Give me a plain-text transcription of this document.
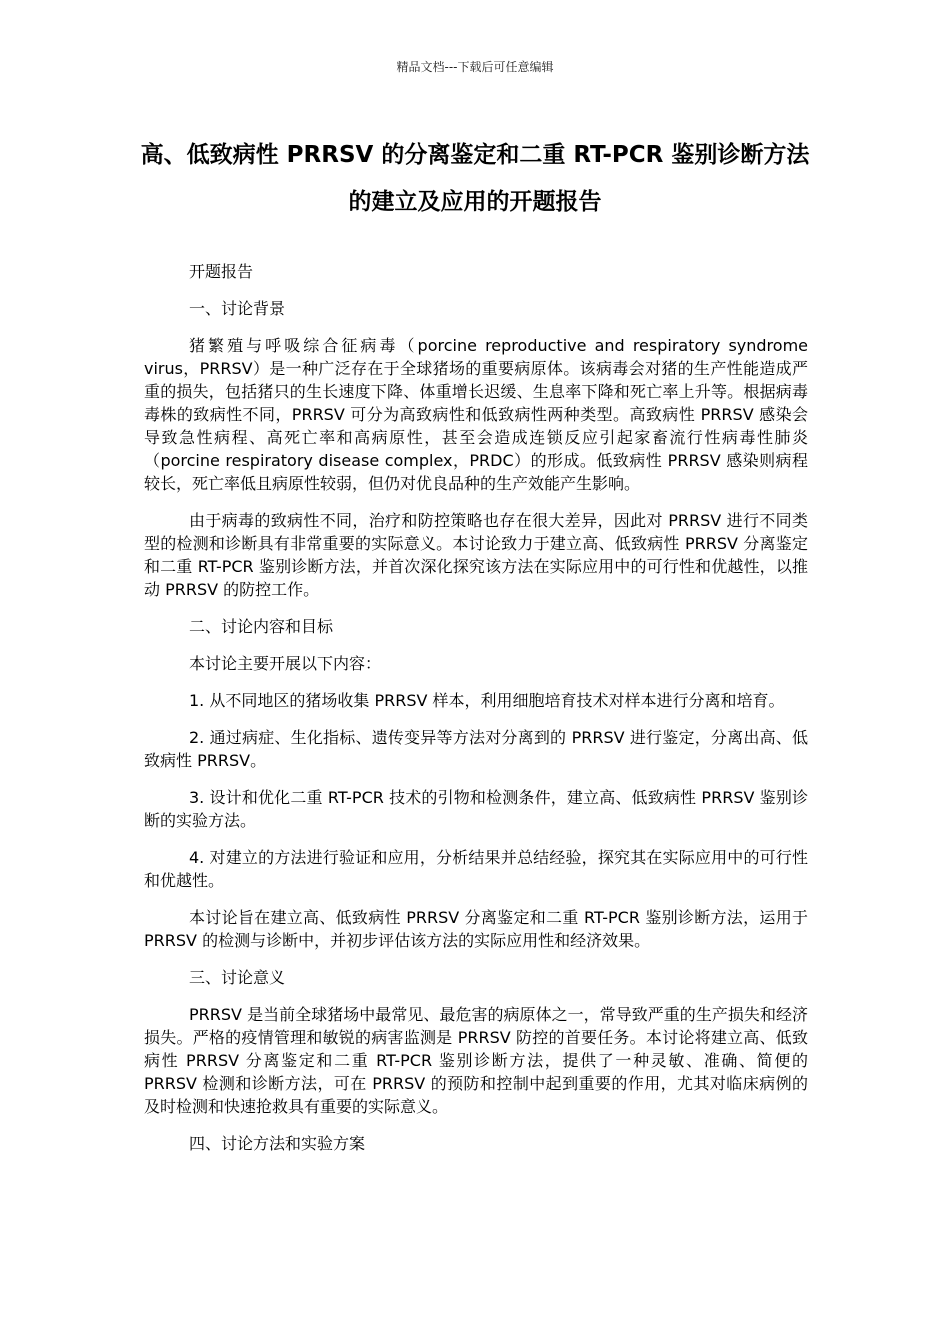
精品文档---下载后可任意编辑
高、低致病性 PRRSV 的分离鉴定和二重 RT-PCR 鉴别诊断方法的建立及应用的开题报告

开题报告

一、讨论背景

猪繁殖与呼吸综合征病毒（porcine reproductive and respiratory syndrome virus，PRRSV）是一种广泛存在于全球猪场的重要病原体。该病毒会对猪的生产性能造成严重的损失，包括猪只的生长速度下降、体重增长迟缓、生息率下降和死亡率上升等。根据病毒毒株的致病性不同，PRRSV 可分为高致病性和低致病性两种类型。高致病性 PRRSV 感染会导致急性病程、高死亡率和高病原性，甚至会造成连锁反应引起家畜流行性病毒性肺炎（porcine respiratory disease complex，PRDC）的形成。低致病性 PRRSV 感染则病程较长，死亡率低且病原性较弱，但仍对优良品种的生产效能产生影响。

由于病毒的致病性不同，治疗和防控策略也存在很大差异，因此对 PRRSV 进行不同类型的检测和诊断具有非常重要的实际意义。本讨论致力于建立高、低致病性 PRRSV 分离鉴定和二重 RT-PCR 鉴别诊断方法，并首次深化探究该方法在实际应用中的可行性和优越性，以推动 PRRSV 的防控工作。

二、讨论内容和目标

本讨论主要开展以下内容：

1. 从不同地区的猪场收集 PRRSV 样本，利用细胞培育技术对样本进行分离和培育。

2. 通过病症、生化指标、遗传变异等方法对分离到的 PRRSV 进行鉴定，分离出高、低致病性 PRRSV。

3. 设计和优化二重 RT-PCR 技术的引物和检测条件，建立高、低致病性 PRRSV 鉴别诊断的实验方法。

4. 对建立的方法进行验证和应用，分析结果并总结经验，探究其在实际应用中的可行性和优越性。

本讨论旨在建立高、低致病性 PRRSV 分离鉴定和二重 RT-PCR 鉴别诊断方法，运用于 PRRSV 的检测与诊断中，并初步评估该方法的实际应用性和经济效果。

三、讨论意义

PRRSV 是当前全球猪场中最常见、最危害的病原体之一，常导致严重的生产损失和经济损失。严格的疫情管理和敏锐的病害监测是 PRRSV 防控的首要任务。本讨论将建立高、低致病性 PRRSV 分离鉴定和二重 RT-PCR 鉴别诊断方法，提供了一种灵敏、准确、简便的 PRRSV 检测和诊断方法，可在 PRRSV 的预防和控制中起到重要的作用，尤其对临床病例的及时检测和快速抢救具有重要的实际意义。

四、讨论方法和实验方案
